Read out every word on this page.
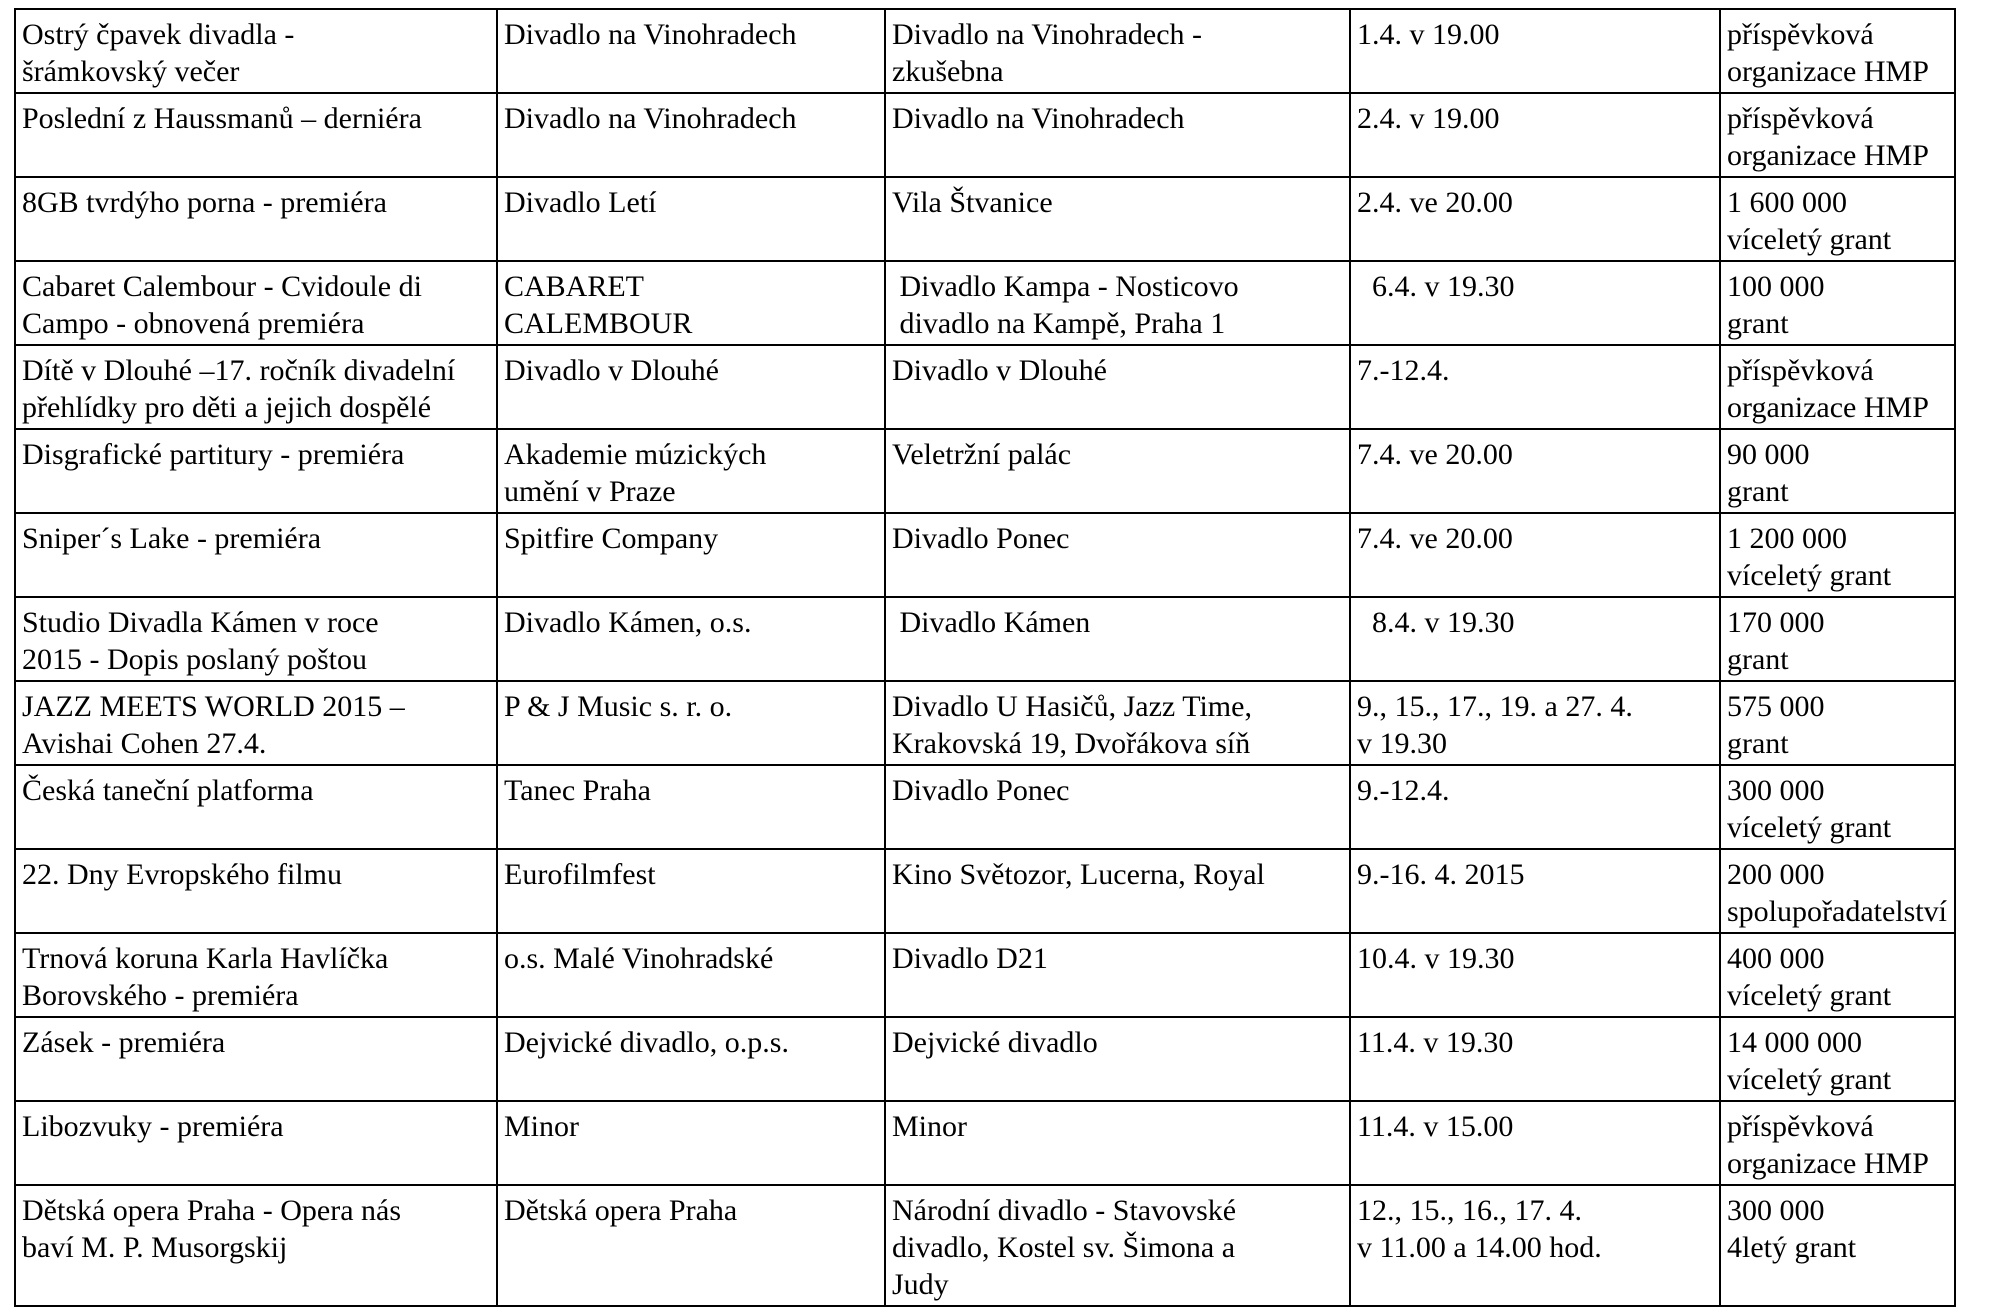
Ostrý čpavek divadla -
šrámkovský večer	Divadlo na Vinohradech	Divadlo na Vinohradech -
zkušebna	1.4. v 19.00	příspěvková
organizace HMP

Poslední z Haussmanů – derniéra	Divadlo na Vinohradech	Divadlo na Vinohradech	2.4. v 19.00	příspěvková
organizace HMP

8GB tvrdýho porna - premiéra	Divadlo Letí	Vila Štvanice	2.4. ve 20.00	1 600 000
víceletý grant

Cabaret Calembour - Cvidoule di
Campo - obnovená premiéra	CABARET
CALEMBOUR	Divadlo Kampa - Nosticovo
divadlo na Kampě, Praha 1	6.4. v 19.30	100 000
grant

Dítě v Dlouhé –17. ročník divadelní
přehlídky pro děti a jejich dospělé	Divadlo v Dlouhé	Divadlo v Dlouhé	7.-12.4.	příspěvková
organizace HMP

Disgrafické partitury - premiéra	Akademie múzických
umění v Praze	Veletržní palác	7.4. ve 20.00	90 000
grant

Sniper´s Lake - premiéra	Spitfire Company	Divadlo Ponec	7.4. ve 20.00	1 200 000
víceletý grant

Studio Divadla Kámen v roce
2015 - Dopis poslaný poštou	Divadlo Kámen, o.s.	Divadlo Kámen	8.4. v 19.30	170 000
grant

JAZZ MEETS WORLD 2015 –
Avishai Cohen 27.4.	P & J Music s. r. o.	Divadlo U Hasičů, Jazz Time,
Krakovská 19, Dvořákova síň	9., 15., 17., 19. a 27. 4.
v 19.30	575 000
grant

Česká taneční platforma	Tanec Praha	Divadlo Ponec	9.-12.4.	300 000
víceletý grant

22. Dny Evropského filmu	Eurofilmfest	Kino Světozor, Lucerna, Royal	9.-16. 4. 2015	200 000
spolupořadatelství

Trnová koruna Karla Havlíčka
Borovského - premiéra	o.s. Malé Vinohradské	Divadlo D21	10.4. v 19.30	400 000
víceletý grant

Zásek - premiéra	Dejvické divadlo, o.p.s.	Dejvické divadlo	11.4. v 19.30	14 000 000
víceletý grant

Libozvuky - premiéra	Minor	Minor	11.4. v 15.00	příspěvková
organizace HMP

Dětská opera Praha - Opera nás
baví M. P. Musorgskij	Dětská opera Praha	Národní divadlo - Stavovské
divadlo, Kostel sv. Šimona a
Judy	12., 15., 16., 17. 4.
v 11.00 a 14.00 hod.	300 000
4letý grant
